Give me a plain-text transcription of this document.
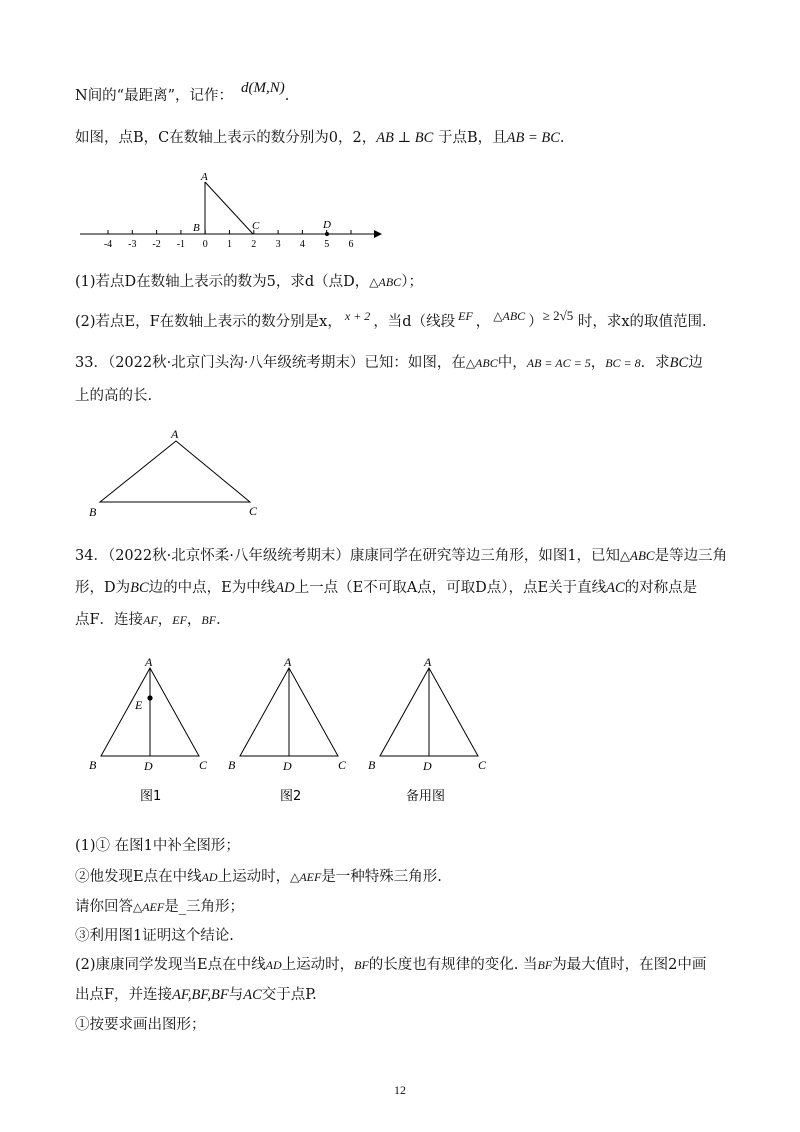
N间的“最距离”，记作： d(M,N).
如图，点B，C在数轴上表示的数分别为0，2，AB ⊥ BC 于点B，且AB = BC.
-4 -3 -2 -1 0 1 2 3 4 5 6
A
B	C	D
(1)若点D在数轴上表示的数为5，求d（点D，△ABC）；
(2)若点E，F在数轴上表示的数分别是x， $^{x + 2}$ ，当d（线段 $^{EF}$ ， $^{\triangle ABC}$ ）≥ 2√5 时，求x的取值范围.
33．（2022秋·北京门头沟·八年级统考期末）已知：如图，在△ABC中，AB = AC = 5，BC = 8．求BC边
上的高的长.
A
B	C
34．（2022秋·北京怀柔·八年级统考期末）康康同学在研究等边三角形，如图1，已知△ABC是等边三角
形，D为BC边的中点，E为中线AD上一点（E不可取A点，可取D点），点E关于直线AC的对称点是
点F．连接AF，EF，BF．
A
B	C
D
E
图1
A
B	C
D
图2
A
B	C
D
备用图
(1)① 在图1中补全图形；
②他发现E点在中线AD上运动时，△AEF是一种特殊三角形.
请你回答△AEF是_三角形；
③利用图1证明这个结论.
(2)康康同学发现当E点在中线AD上运动时，BF的长度也有规律的变化. 当BF为最大值时，在图2中画
出点F，并连接AF,BF,BF与AC交于点P.
①按要求画出图形；
12
